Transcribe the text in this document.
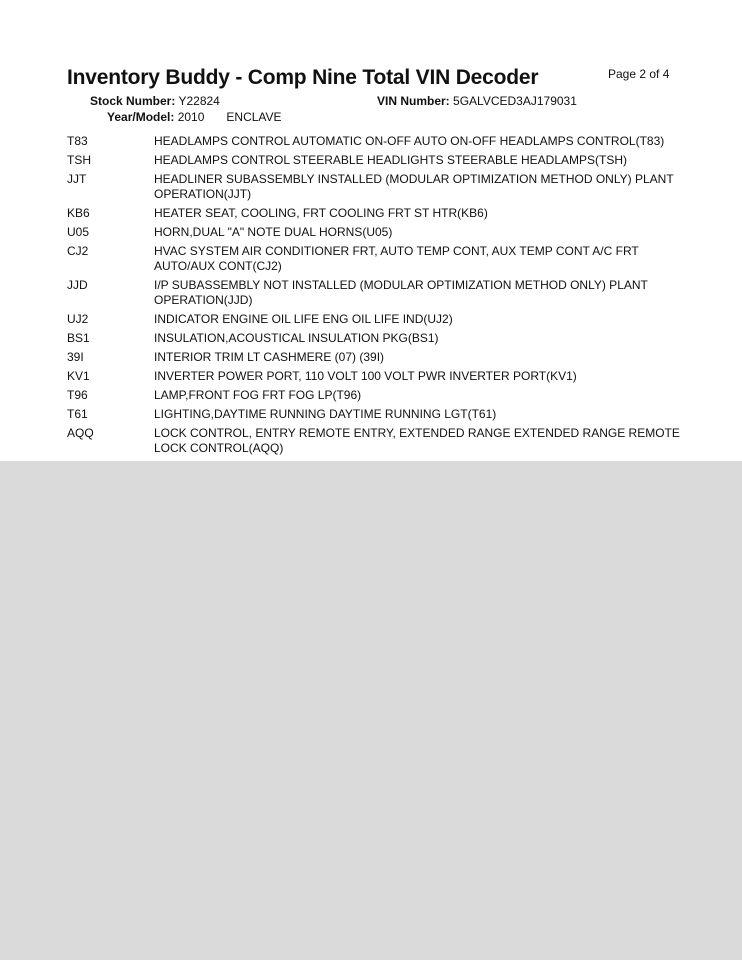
Inventory Buddy - Comp Nine Total VIN Decoder	Page 2 of 4
Stock Number: Y22824	VIN Number: 5GALVCED3AJ179031
Year/Model: 2010 ENCLAVE
T83	HEADLAMPS CONTROL AUTOMATIC ON-OFF AUTO ON-OFF HEADLAMPS CONTROL(T83)
TSH	HEADLAMPS CONTROL STEERABLE HEADLIGHTS STEERABLE HEADLAMPS(TSH)
JJT	HEADLINER SUBASSEMBLY INSTALLED (MODULAR OPTIMIZATION METHOD ONLY) PLANT OPERATION(JJT)
KB6	HEATER SEAT, COOLING, FRT COOLING FRT ST HTR(KB6)
U05	HORN,DUAL "A" NOTE DUAL HORNS(U05)
CJ2	HVAC SYSTEM AIR CONDITIONER FRT, AUTO TEMP CONT, AUX TEMP CONT A/C FRT AUTO/AUX CONT(CJ2)
JJD	I/P SUBASSEMBLY NOT INSTALLED (MODULAR OPTIMIZATION METHOD ONLY) PLANT OPERATION(JJD)
UJ2	INDICATOR ENGINE OIL LIFE ENG OIL LIFE IND(UJ2)
BS1	INSULATION,ACOUSTICAL INSULATION PKG(BS1)
39I	INTERIOR TRIM LT CASHMERE (07) (39I)
KV1	INVERTER POWER PORT, 110 VOLT 100 VOLT PWR INVERTER PORT(KV1)
T96	LAMP,FRONT FOG FRT FOG LP(T96)
T61	LIGHTING,DAYTIME RUNNING DAYTIME RUNNING LGT(T61)
AQQ	LOCK CONTROL, ENTRY REMOTE ENTRY, EXTENDED RANGE EXTENDED RANGE REMOTE LOCK CONTROL(AQQ)
